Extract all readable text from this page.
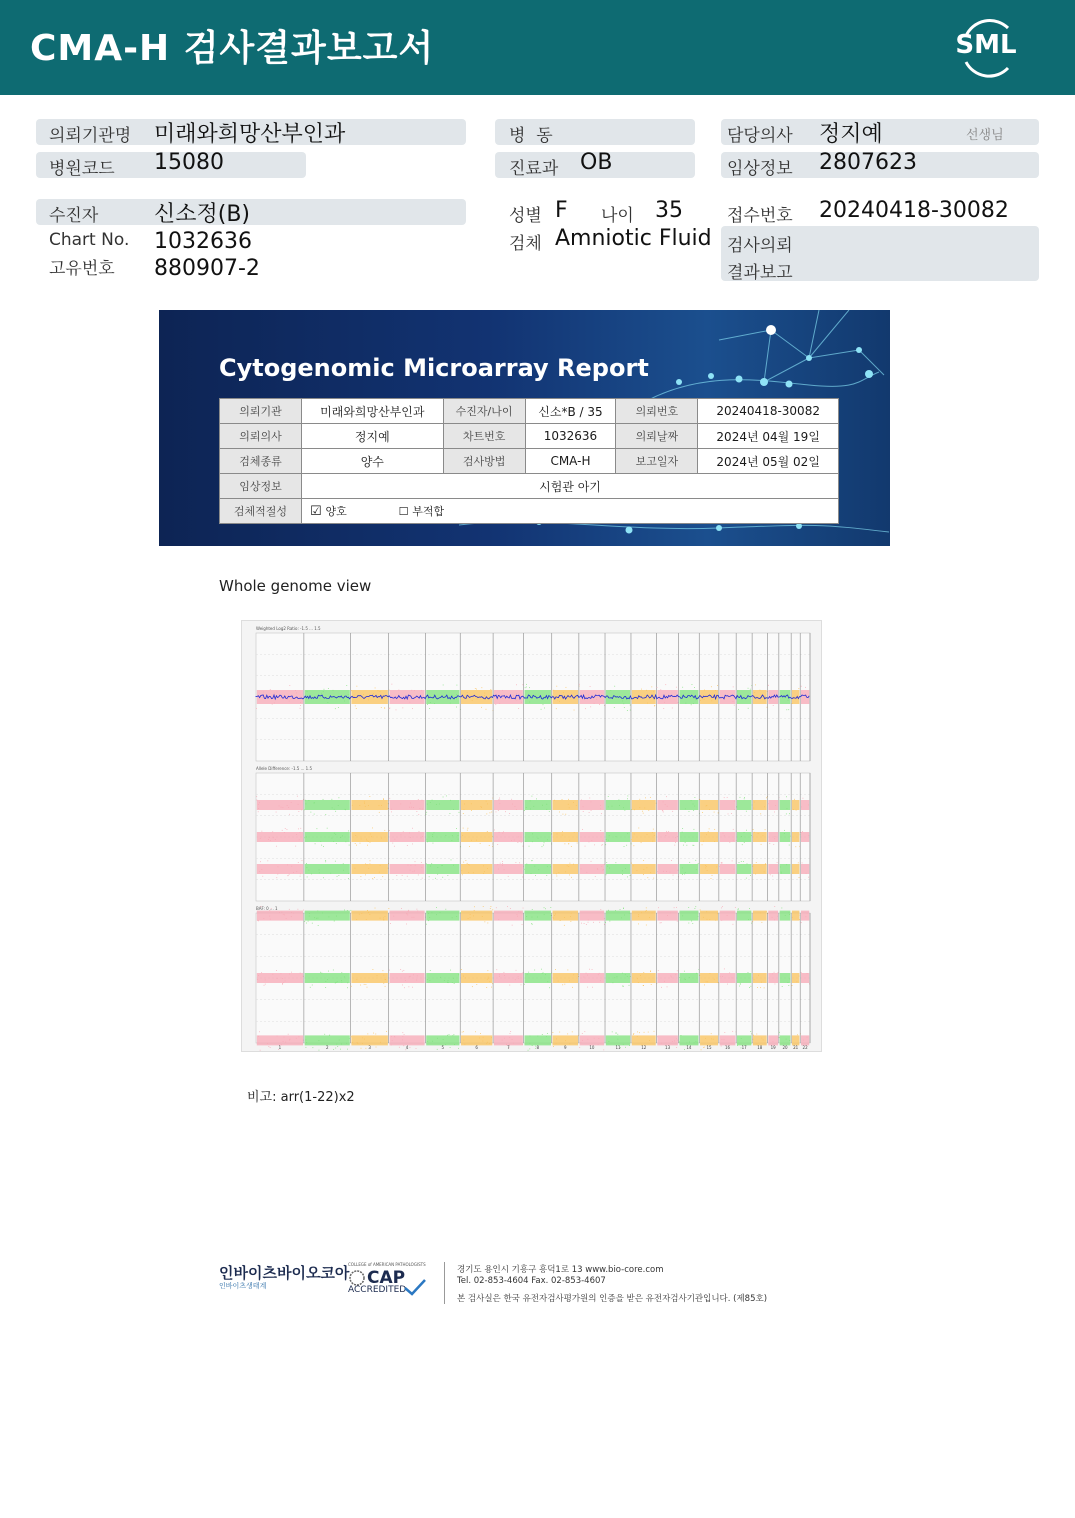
CMA-H 검사결과보고서	SML
의뢰기관명 미래와희망산부인과
병원코드 15080
병  동
진료과 OB
담당의사 정지예	선생님
임상정보 2807623
수진자	신소정(B)
Chart No. 1032636
고유번호 880907-2
성별 F 나이 35
검체 Amniotic Fluid
접수번호 20240418-30082
검사의뢰
결과보고
Cytogenomic Microarray Report
의뢰기관	미래와희망산부인과	수진자/나이	신소*B / 35	의뢰번호	20240418-30082
의뢰의사	정지예	차트번호	1032636	의뢰날짜	2024년 04월 19일
검체종류	양수	검사방법	CMA-H	보고일자	2024년 05월 02일
임상정보	시험관 아기				
검체적절성	☑ 양호 ☐ 부적합				
Whole genome view
Weighted Log2 Ratio: -1.5 ... 1.5
Allele Difference: -1.5 ... 1.5
BAF: 0 ... 1
1	2	3	4	5	6	7	8	9	10	11	12	13	14	15	16	17	18 19 20 21 22
비고: arr(1-22)x2
인바이츠바이오코아
인바이츠생태계
COLLEGE of AMERICAN PATHOLOGISTS
CAP
ACCREDITED
경기도 용인시 기흥구 흥덕1로 13 www.bio-core.com
Tel. 02-853-4604 Fax. 02-853-4607
본 검사실은 한국 유전자검사평가원의 인증을 받은 유전자검사기관입니다. (제85호)
